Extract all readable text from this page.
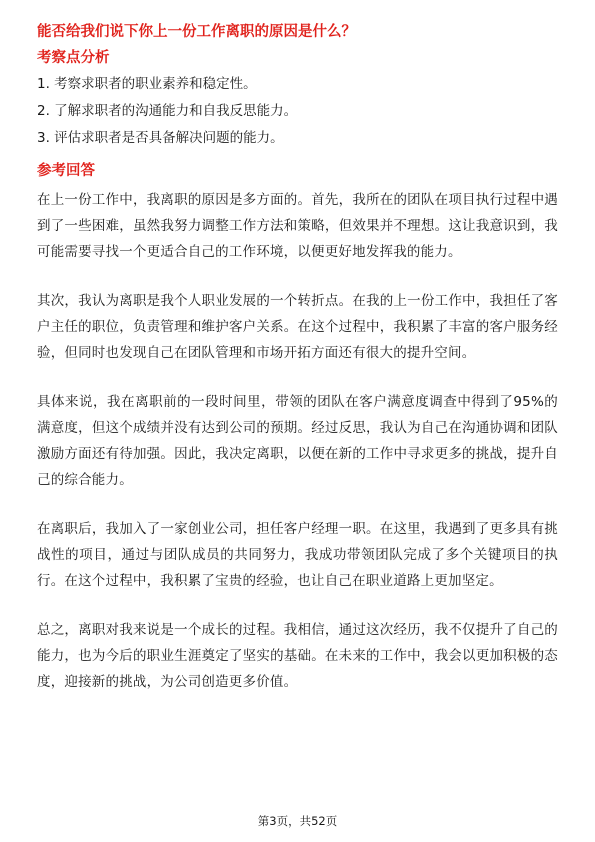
能否给我们说下你上一份工作离职的原因是什么？
考察点分析
1. 考察求职者的职业素养和稳定性。
2. 了解求职者的沟通能力和自我反思能力。
3. 评估求职者是否具备解决问题的能力。
参考回答

在上一份工作中，我离职的原因是多方面的。首先，我所在的团队在项目执行过程中遇到了一些困难，虽然我努力调整工作方法和策略，但效果并不理想。这让我意识到，我可能需要寻找一个更适合自己的工作环境，以便更好地发挥我的能力。

其次，我认为离职是我个人职业发展的一个转折点。在我的上一份工作中，我担任了客户主任的职位，负责管理和维护客户关系。在这个过程中，我积累了丰富的客户服务经验，但同时也发现自己在团队管理和市场开拓方面还有很大的提升空间。

具体来说，我在离职前的一段时间里，带领的团队在客户满意度调查中得到了95%的满意度，但这个成绩并没有达到公司的预期。经过反思，我认为自己在沟通协调和团队激励方面还有待加强。因此，我决定离职，以便在新的工作中寻求更多的挑战，提升自己的综合能力。

在离职后，我加入了一家创业公司，担任客户经理一职。在这里，我遇到了更多具有挑战性的项目，通过与团队成员的共同努力，我成功带领团队完成了多个关键项目的执行。在这个过程中，我积累了宝贵的经验，也让自己在职业道路上更加坚定。

总之，离职对我来说是一个成长的过程。我相信，通过这次经历，我不仅提升了自己的能力，也为今后的职业生涯奠定了坚实的基础。在未来的工作中，我会以更加积极的态度，迎接新的挑战，为公司创造更多价值。

第3页，共52页
